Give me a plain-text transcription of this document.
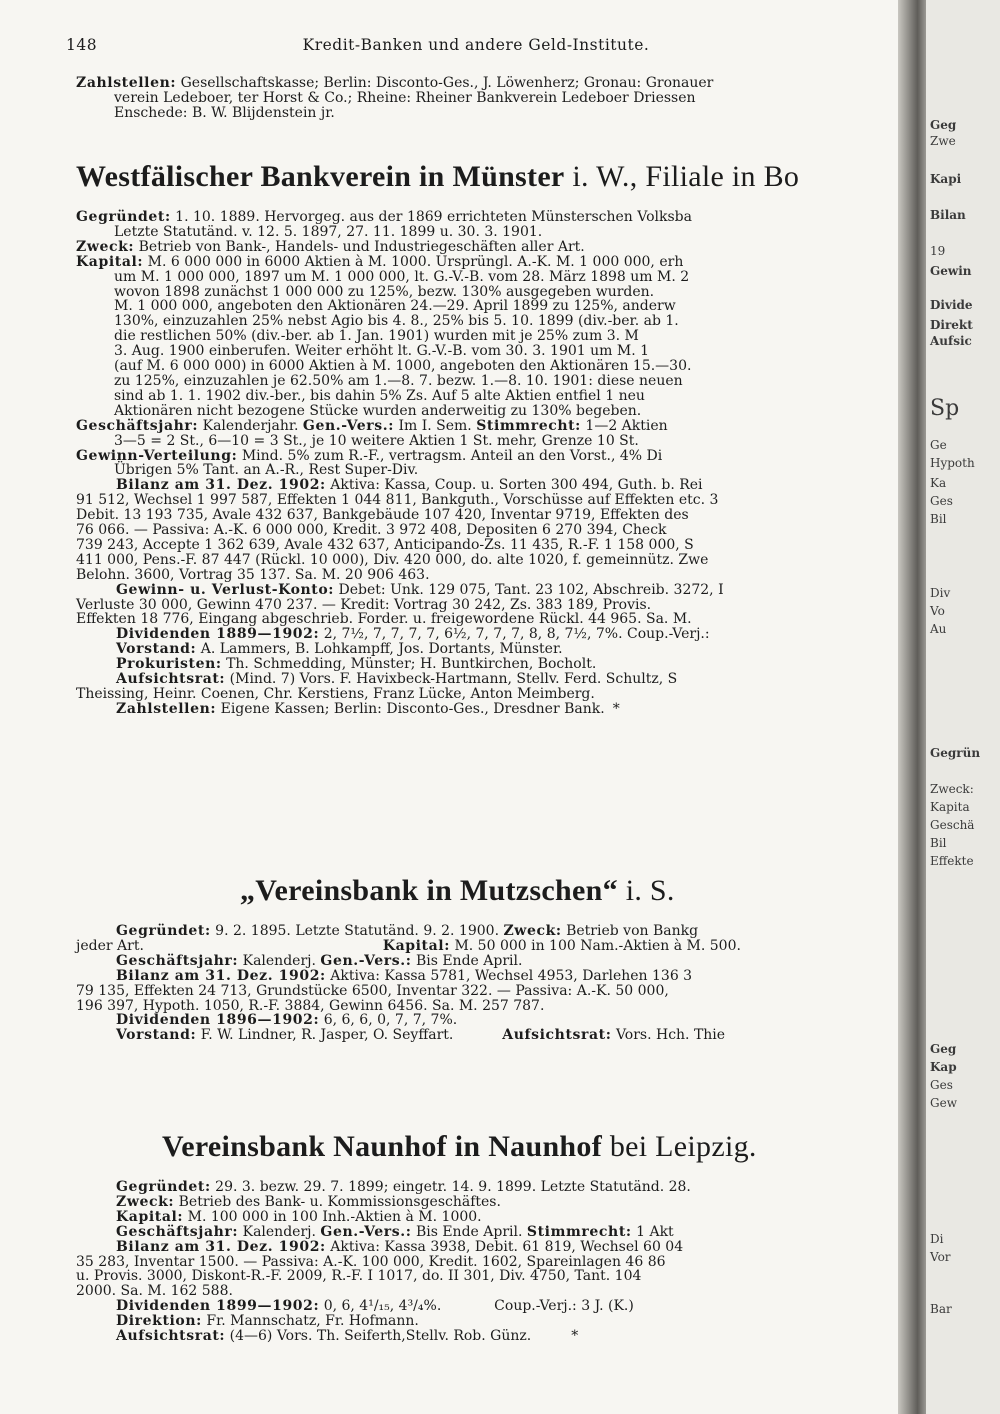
148	Kredit-Banken und andere Geld-Institute.
Zahlstellen: Gesellschaftskasse; Berlin: Disconto-Ges., J. Löwenherz; Gronau: Gronauer
verein Ledeboer, ter Horst & Co.; Rheine: Rheiner Bankverein Ledeboer Driessen
Enschede: B. W. Blijdenstein jr.
Westfälischer Bankverein in Münster i. W., Filiale in Bo
Gegründet: 1. 10. 1889. Hervorgeg. aus der 1869 errichteten Münsterschen Volksba
Letzte Statutänd. v. 12. 5. 1897, 27. 11. 1899 u. 30. 3. 1901.
Zweck: Betrieb von Bank-, Handels- und Industriegeschäften aller Art.
Kapital: M. 6 000 000 in 6000 Aktien à M. 1000. Ursprüngl. A.-K. M. 1 000 000, erh
um M. 1 000 000, 1897 um M. 1 000 000, lt. G.-V.-B. vom 28. März 1898 um M. 2
wovon 1898 zunächst 1 000 000 zu 125%, bezw. 130% ausgegeben wurden.
M. 1 000 000, angeboten den Aktionären 24.—29. April 1899 zu 125%, anderw
130%, einzuzahlen 25% nebst Agio bis 4. 8., 25% bis 5. 10. 1899 (div.-ber. ab 1.
die restlichen 50% (div.-ber. ab 1. Jan. 1901) wurden mit je 25% zum 3. M
3. Aug. 1900 einberufen. Weiter erhöht lt. G.-V.-B. vom 30. 3. 1901 um M. 1
(auf M. 6 000 000) in 6000 Aktien à M. 1000, angeboten den Aktionären 15.—30.
zu 125%, einzuzahlen je 62.50% am 1.—8. 7. bezw. 1.—8. 10. 1901: diese neuen
sind ab 1. 1. 1902 div.-ber., bis dahin 5% Zs. Auf 5 alte Aktien entfiel 1 neu
Aktionären nicht bezogene Stücke wurden anderweitig zu 130% begeben.
Geschäftsjahr: Kalenderjahr. Gen.-Vers.: Im I. Sem. Stimmrecht: 1—2 Aktien
3—5 = 2 St., 6—10 = 3 St., je 10 weitere Aktien 1 St. mehr, Grenze 10 St.
Gewinn-Verteilung: Mind. 5% zum R.-F., vertragsm. Anteil an den Vorst., 4% Di
Übrigen 5% Tant. an A.-R., Rest Super-Div.
Bilanz am 31. Dez. 1902: Aktiva: Kassa, Coup. u. Sorten 300 494, Guth. b. Rei
91 512, Wechsel 1 997 587, Effekten 1 044 811, Bankguth., Vorschüsse auf Effekten etc. 3
Debit. 13 193 735, Avale 432 637, Bankgebäude 107 420, Inventar 9719, Effekten des
76 066. — Passiva: A.-K. 6 000 000, Kredit. 3 972 408, Depositen 6 270 394, Check
739 243, Accepte 1 362 639, Avale 432 637, Anticipando-Zs. 11 435, R.-F. 1 158 000, S
411 000, Pens.-F. 87 447 (Rückl. 10 000), Div. 420 000, do. alte 1020, f. gemeinnütz. Zwe
Belohn. 3600, Vortrag 35 137. Sa. M. 20 906 463.
Gewinn- u. Verlust-Konto: Debet: Unk. 129 075, Tant. 23 102, Abschreib. 3272, I
Verluste 30 000, Gewinn 470 237. — Kredit: Vortrag 30 242, Zs. 383 189, Provis.
Effekten 18 776, Eingang abgeschrieb. Forder. u. freigewordene Rückl. 44 965. Sa. M.
Dividenden 1889—1902: 2, 7½, 7, 7, 7, 7, 6½, 7, 7, 7, 8, 8, 7½, 7%. Coup.-Verj.:
Vorstand: A. Lammers, B. Lohkampff, Jos. Dortants, Münster.
Prokuristen: Th. Schmedding, Münster; H. Buntkirchen, Bocholt.
Aufsichtsrat: (Mind. 7) Vors. F. Havixbeck-Hartmann, Stellv. Ferd. Schultz, S
Theissing, Heinr. Coenen, Chr. Kerstiens, Franz Lücke, Anton Meimberg.
Zahlstellen: Eigene Kassen; Berlin: Disconto-Ges., Dresdner Bank. *
„Vereinsbank in Mutzschen“ i. S.
Gegründet: 9. 2. 1895. Letzte Statutänd. 9. 2. 1900. Zweck: Betrieb von Bankg
jeder Art.	Kapital: M. 50 000 in 100 Nam.-Aktien à M. 500.
Geschäftsjahr: Kalenderj. Gen.-Vers.: Bis Ende April.
Bilanz am 31. Dez. 1902: Aktiva: Kassa 5781, Wechsel 4953, Darlehen 136 3
79 135, Effekten 24 713, Grundstücke 6500, Inventar 322. — Passiva: A.-K. 50 000,
196 397, Hypoth. 1050, R.-F. 3884, Gewinn 6456. Sa. M. 257 787.
Dividenden 1896—1902: 6, 6, 6, 0, 7, 7, 7%.
Vorstand: F. W. Lindner, R. Jasper, O. Seyffart.	Aufsichtsrat: Vors. Hch. Thie
Vereinsbank Naunhof in Naunhof bei Leipzig.
Gegründet: 29. 3. bezw. 29. 7. 1899; eingetr. 14. 9. 1899. Letzte Statutänd. 28.
Zweck: Betrieb des Bank- u. Kommissionsgeschäftes.
Kapital: M. 100 000 in 100 Inh.-Aktien à M. 1000.
Geschäftsjahr: Kalenderj. Gen.-Vers.: Bis Ende April. Stimmrecht: 1 Akt
Bilanz am 31. Dez. 1902: Aktiva: Kassa 3938, Debit. 61 819, Wechsel 60 04
35 283, Inventar 1500. — Passiva: A.-K. 100 000, Kredit. 1602, Spareinlagen 46 86
u. Provis. 3000, Diskont-R.-F. 2009, R.-F. I 1017, do. II 301, Div. 4750, Tant. 104
2000. Sa. M. 162 588.
Dividenden 1899—1902: 0, 6, 4¹/₁₅, 4³/₄%.	Coup.-Verj.: 3 J. (K.)
Direktion: Fr. Mannschatz, Fr. Hofmann.
Aufsichtsrat: (4—6) Vors. Th. Seiferth,Stellv. Rob. Günz.	*
Geg
Zwe
Kapi
Bilan
19
Gewin
Divide
Direkt
Aufsic
Sp
Ge
Hypoth
Ka
Ges
Bil
Div
Vo
Au
Gegrün
Zweck:
Kapita
Geschä
Bil
Effekte
Geg
Kap
Ges
Gew
Di
Vor
Bar
